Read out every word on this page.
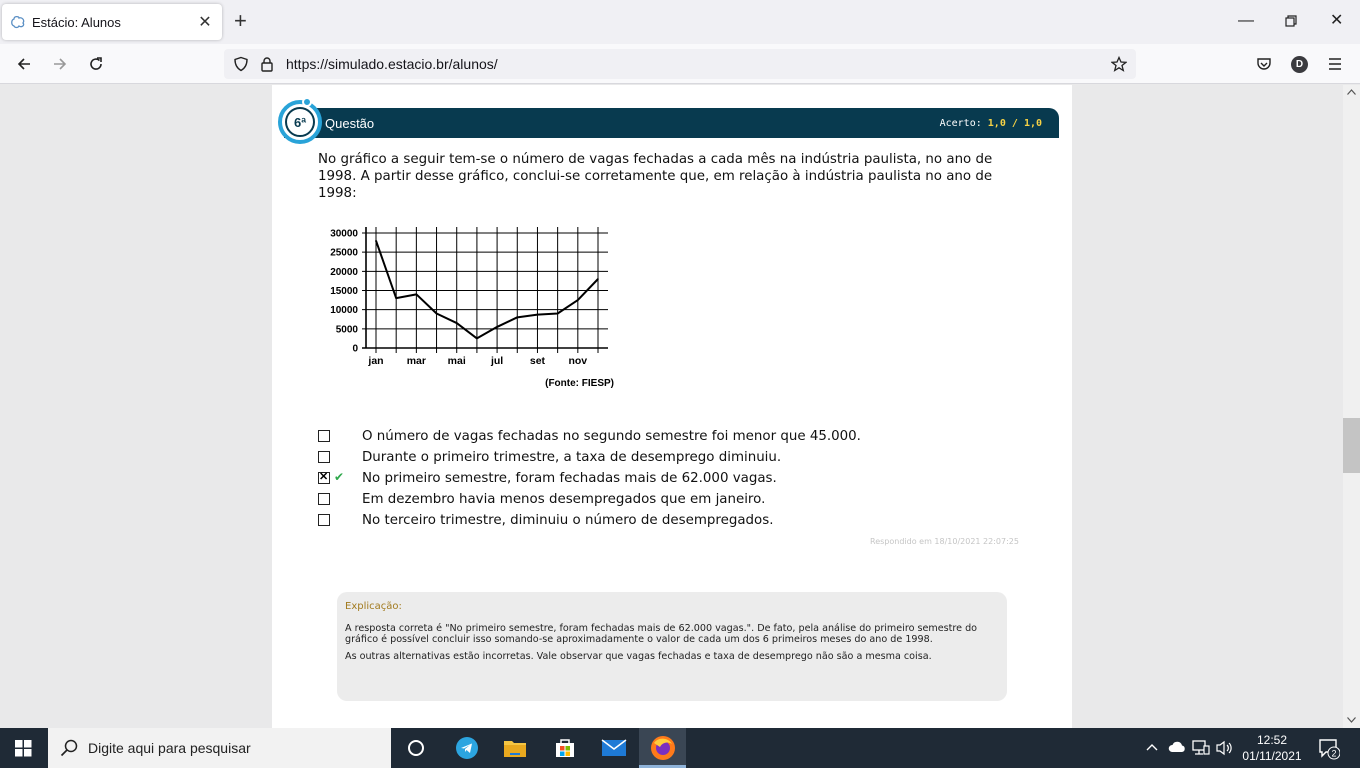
Estácio: Alunos	✕ +	—	✕
https://simulado.estacio.br/alunos/	D
6ª	Questão	Acerto: 1,0 / 1,0
No gráfico a seguir tem-se o número de vagas fechadas a cada mês na indústria paulista, no ano de 1998. A partir desse gráfico, conclui-se corretamente que, em relação à indústria paulista no ano de 1998:
30000
25000
20000
15000
10000
5000
0
jan mar mai jul	set nov
(Fonte: FIESP)
O número de vagas fechadas no segundo semestre foi menor que 45.000.
Durante o primeiro trimestre, a taxa de desemprego diminuiu.
✕
✔ No primeiro semestre, foram fechadas mais de 62.000 vagas.
Em dezembro havia menos desempregados que em janeiro.
No terceiro trimestre, diminuiu o número de desempregados.
Respondido em 18/10/2021 22:07:25
Explicação:

A resposta correta é "No primeiro semestre, foram fechadas mais de 62.000 vagas.". De fato, pela análise do primeiro semestre do gráfico é possível concluir isso somando-se aproximadamente o valor de cada um dos 6 primeiros meses do ano de 1998.

As outras alternativas estão incorretas. Vale observar que vagas fechadas e taxa de desemprego não são a mesma coisa.

Digite aqui para pesquisar	12:52
01/11/2021	2
